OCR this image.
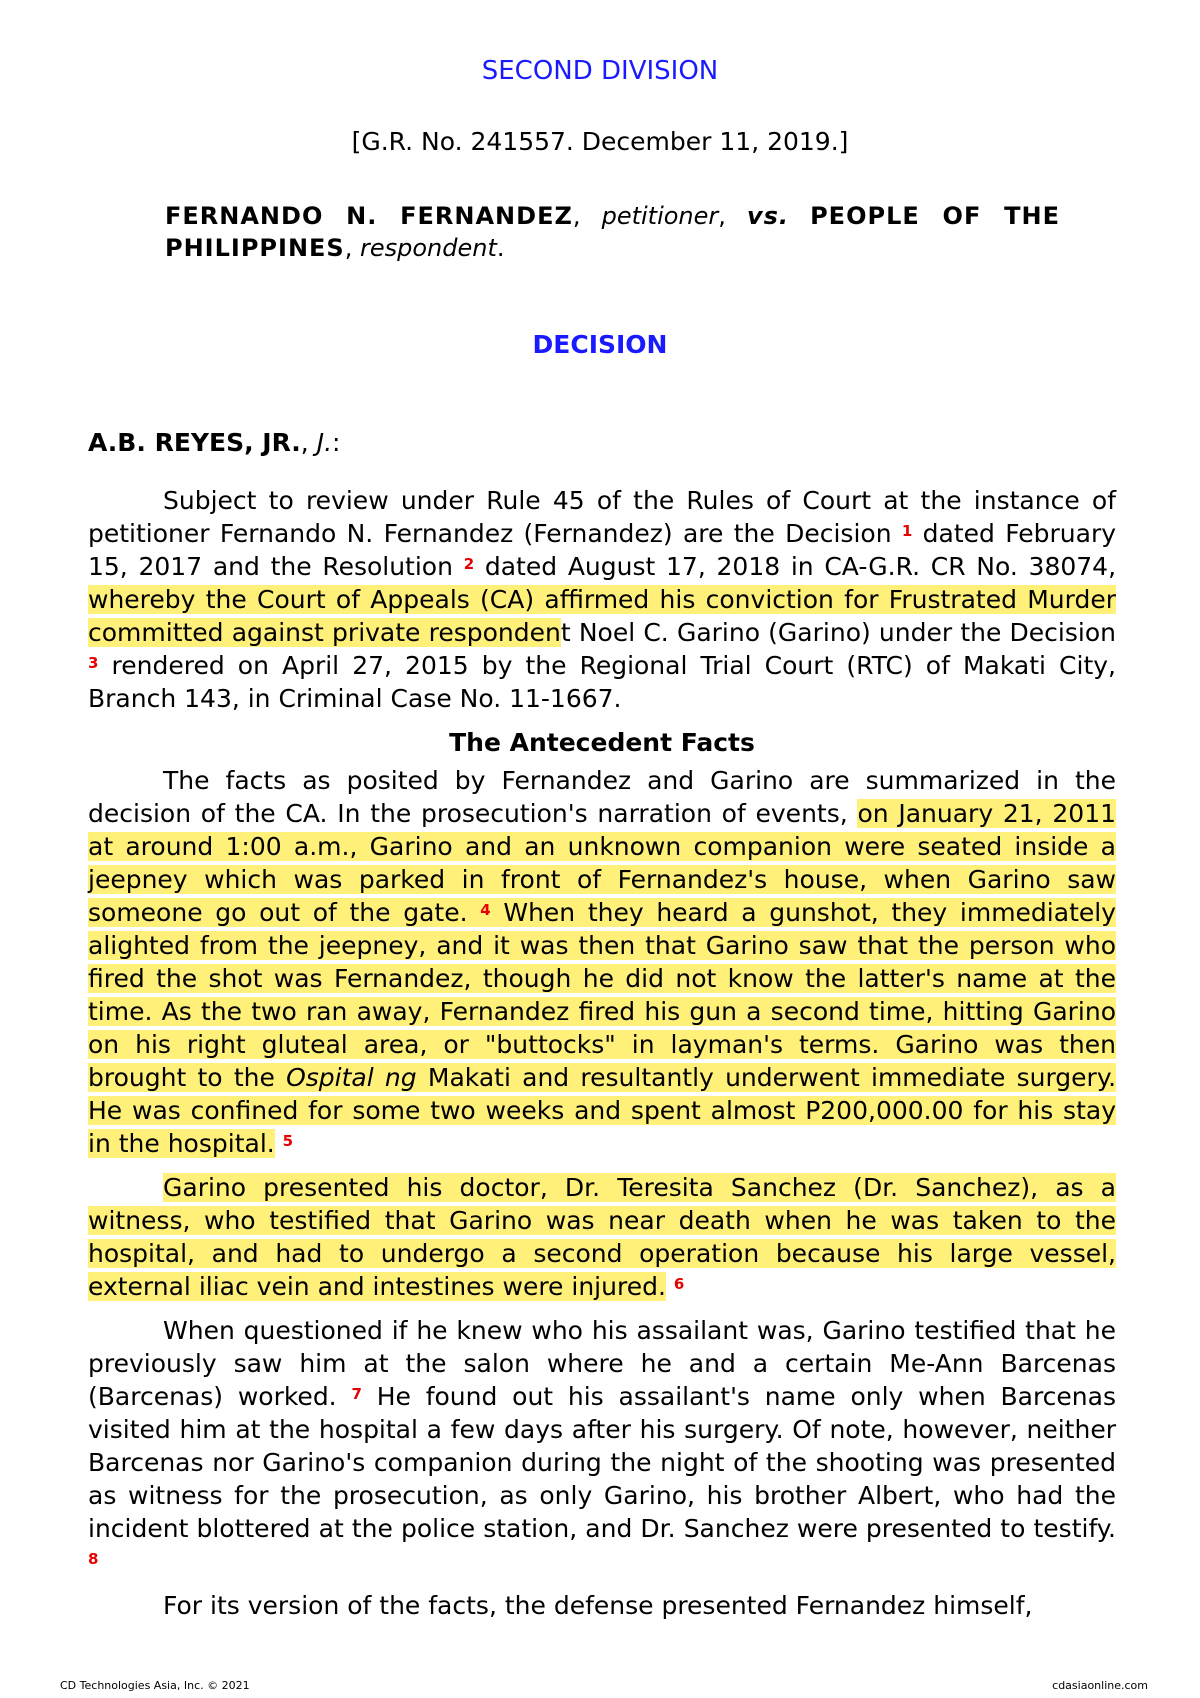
SECOND DIVISION
[G.R. No. 241557. December 11, 2019.]
FERNANDO N. FERNANDEZ, petitioner, vs. PEOPLE OF THE PHILIPPINES, respondent.
DECISION
A.B. REYES, JR., J.:

Subject to review under Rule 45 of the Rules of Court at the instance of petitioner Fernando N. Fernandez (Fernandez) are the Decision $^1$ dated February 15, 2017 and the Resolution $^2$ dated August 17, 2018 in CA-G.R. CR No. 38074, whereby the Court of Appeals (CA) affirmed his conviction for Frustrated Murder committed against private respondent Noel C. Garino (Garino) under the Decision $^3$ rendered on April 27, 2015 by the Regional Trial Court (RTC) of Makati City, Branch 143, in Criminal Case No. 11-1667.

The Antecedent Facts

The facts as posited by Fernandez and Garino are summarized in the decision of the CA. In the prosecution's narration of events, on January 21, 2011 at around 1:00 a.m., Garino and an unknown companion were seated inside a jeepney which was parked in front of Fernandez's house, when Garino saw someone go out of the gate. $^4$ When they heard a gunshot, they immediately alighted from the jeepney, and it was then that Garino saw that the person who fired the shot was Fernandez, though he did not know the latter's name at the time. As the two ran away, Fernandez fired his gun a second time, hitting Garino on his right gluteal area, or "buttocks" in layman's terms. Garino was then brought to the Ospital ng Makati and resultantly underwent immediate surgery. He was confined for some two weeks and spent almost P200,000.00 for his stay in the hospital. $^5$

Garino presented his doctor, Dr. Teresita Sanchez (Dr. Sanchez), as a witness, who testified that Garino was near death when he was taken to the hospital, and had to undergo a second operation because his large vessel, external iliac vein and intestines were injured. $^6$

When questioned if he knew who his assailant was, Garino testified that he previously saw him at the salon where he and a certain Me-Ann Barcenas (Barcenas) worked. $^7$ He found out his assailant's name only when Barcenas visited him at the hospital a few days after his surgery. Of note, however, neither Barcenas nor Garino's companion during the night of the shooting was presented as witness for the prosecution, as only Garino, his brother Albert, who had the incident blottered at the police station, and Dr. Sanchez were presented to testify. $^8$

For its version of the facts, the defense presented Fernandez himself,

CD Technologies Asia, Inc. © 2021	cdasiaonline.com
